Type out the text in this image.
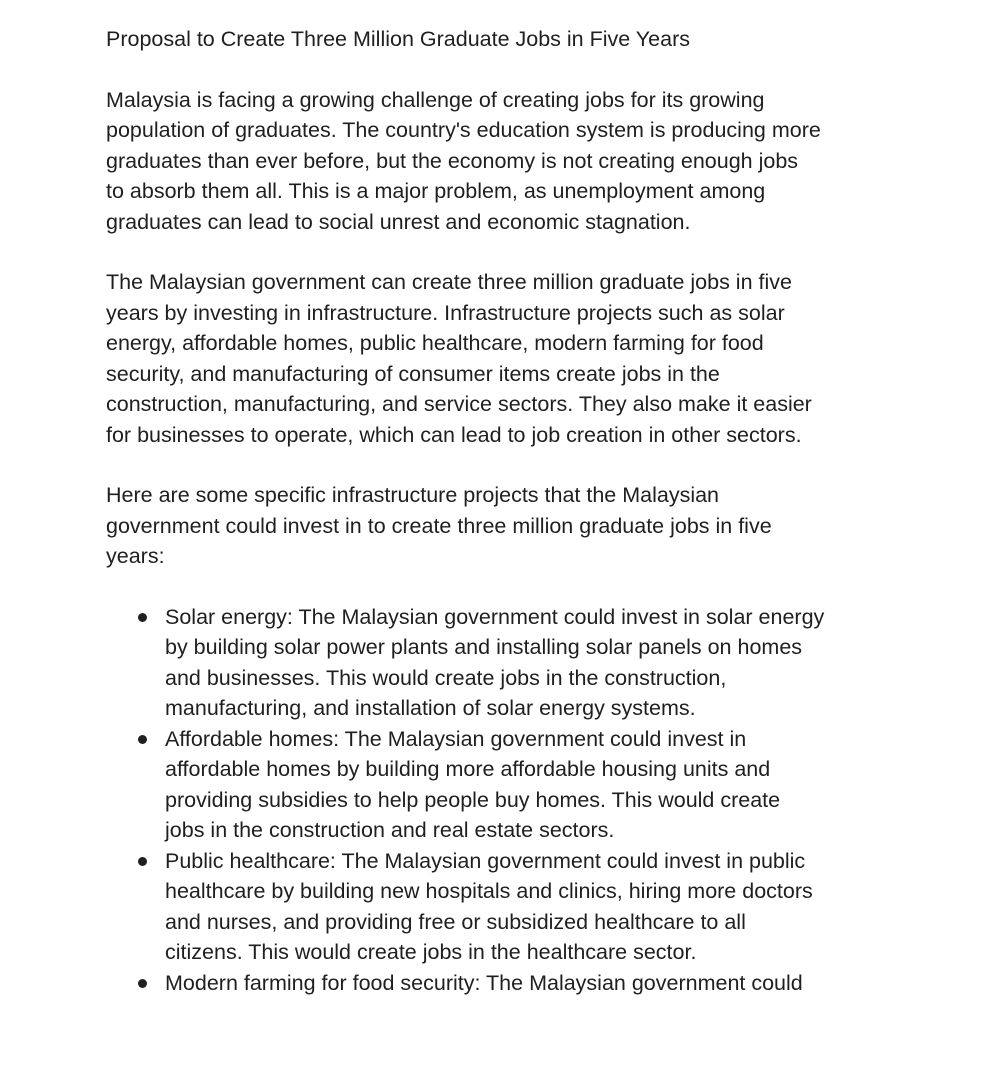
Proposal to Create Three Million Graduate Jobs in Five Years

Malaysia is facing a growing challenge of creating jobs for its growing
population of graduates. The country's education system is producing more
graduates than ever before, but the economy is not creating enough jobs
to absorb them all. This is a major problem, as unemployment among
graduates can lead to social unrest and economic stagnation.

The Malaysian government can create three million graduate jobs in five
years by investing in infrastructure. Infrastructure projects such as solar
energy, affordable homes, public healthcare, modern farming for food
security, and manufacturing of consumer items create jobs in the
construction, manufacturing, and service sectors. They also make it easier
for businesses to operate, which can lead to job creation in other sectors.

Here are some specific infrastructure projects that the Malaysian
government could invest in to create three million graduate jobs in five
years:

Solar energy: The Malaysian government could invest in solar energy
by building solar power plants and installing solar panels on homes
and businesses. This would create jobs in the construction,
manufacturing, and installation of solar energy systems.
Affordable homes: The Malaysian government could invest in
affordable homes by building more affordable housing units and
providing subsidies to help people buy homes. This would create
jobs in the construction and real estate sectors.
Public healthcare: The Malaysian government could invest in public
healthcare by building new hospitals and clinics, hiring more doctors
and nurses, and providing free or subsidized healthcare to all
citizens. This would create jobs in the healthcare sector.
Modern farming for food security: The Malaysian government could
